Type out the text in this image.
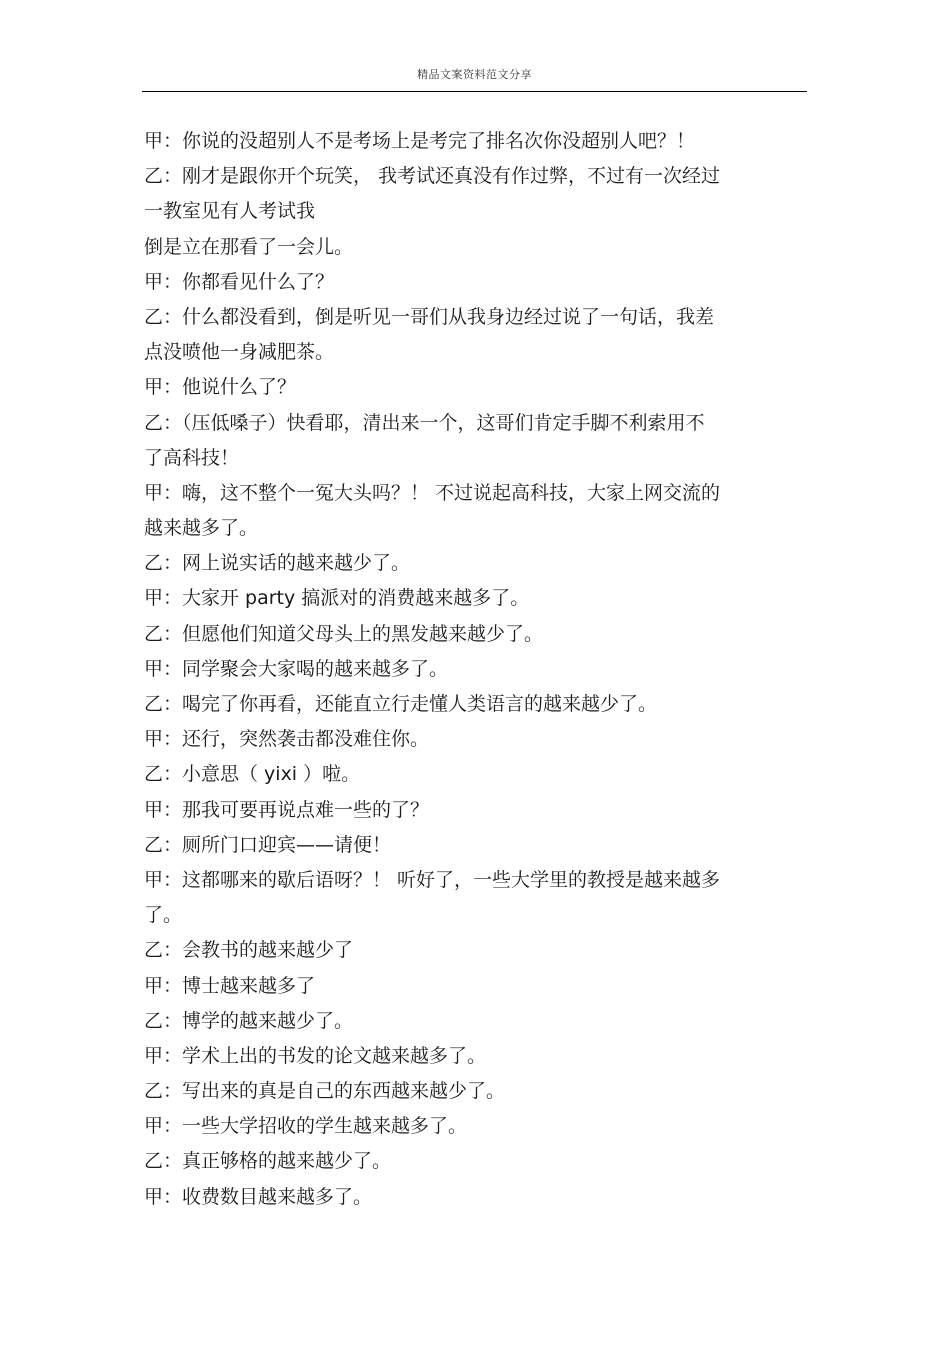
精品文案资料范文分享
甲：你说的没超别人不是考场上是考完了排名次你没超别人吧？！
乙：刚才是跟你开个玩笑， 我考试还真没有作过弊，不过有一次经过
一教室见有人考试我
倒是立在那看了一会儿。
甲：你都看见什么了？
乙：什么都没看到，倒是听见一哥们从我身边经过说了一句话，我差
点没喷他一身减肥茶。
甲：他说什么了？
乙：（压低嗓子）快看耶，清出来一个，这哥们肯定手脚不利索用不
了高科技！
甲：嗨，这不整个一冤大头吗？！ 不过说起高科技，大家上网交流的
越来越多了。
乙：网上说实话的越来越少了。
甲：大家开 party 搞派对的消费越来越多了。
乙：但愿他们知道父母头上的黑发越来越少了。
甲：同学聚会大家喝的越来越多了。
乙：喝完了你再看，还能直立行走懂人类语言的越来越少了。
甲：还行，突然袭击都没难住你。
乙：小意思（ yixi ）啦。
甲：那我可要再说点难一些的了？
乙：厕所门口迎宾——请便！
甲：这都哪来的歇后语呀？！ 听好了，一些大学里的教授是越来越多
了。
乙：会教书的越来越少了
甲：博士越来越多了
乙：博学的越来越少了。
甲：学术上出的书发的论文越来越多了。
乙：写出来的真是自己的东西越来越少了。
甲：一些大学招收的学生越来越多了。
乙：真正够格的越来越少了。
甲：收费数目越来越多了。
